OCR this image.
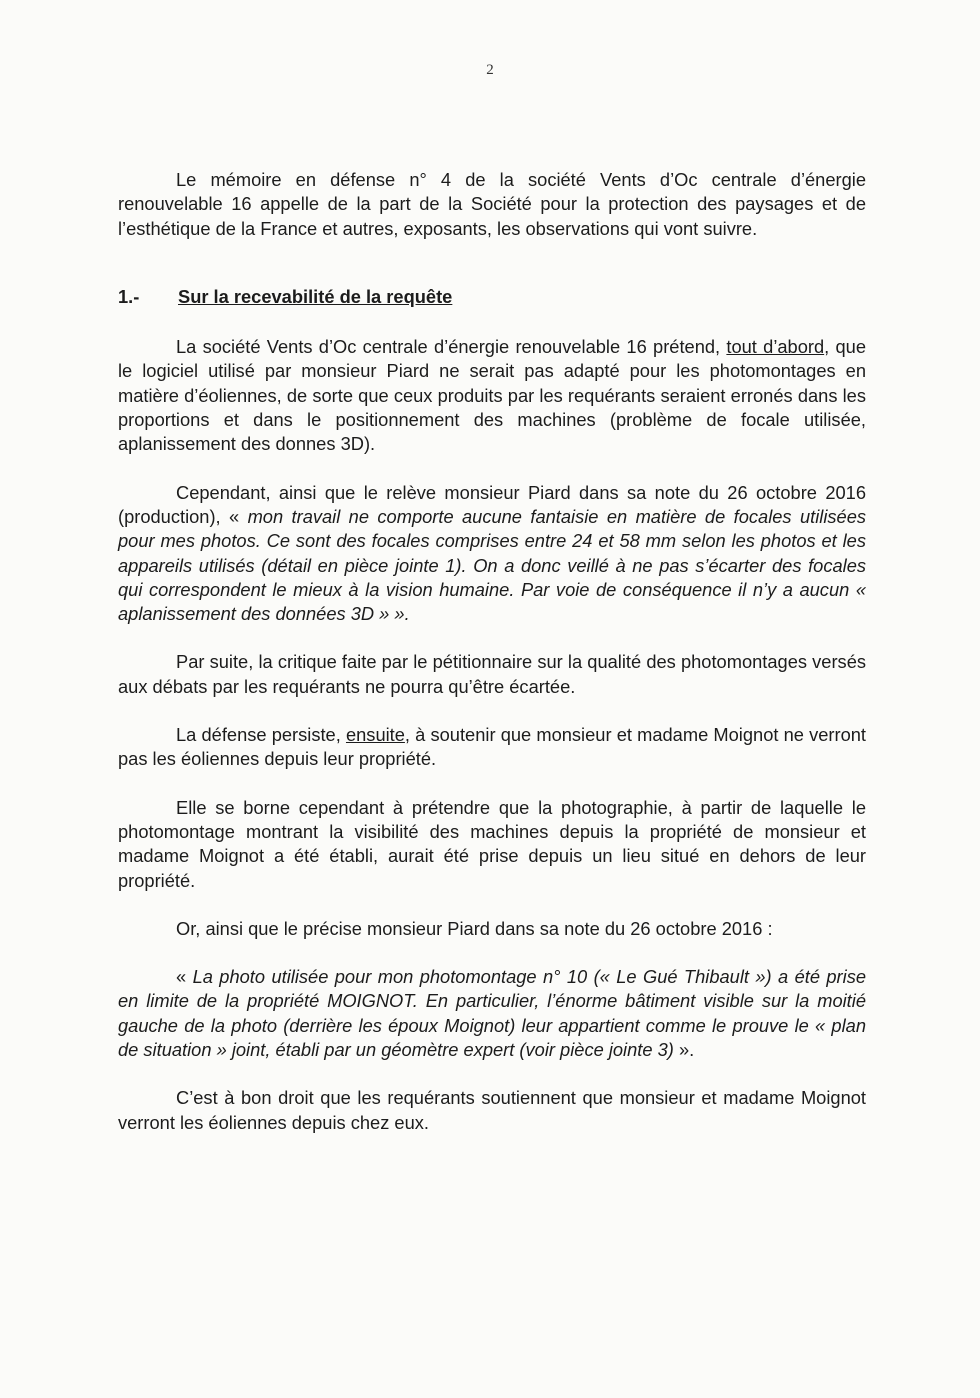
2

Le mémoire en défense n° 4 de la société Vents d’Oc centrale d’énergie renouvelable 16 appelle de la part de la Société pour la protection des paysages et de l’esthétique de la France et autres, exposants, les observations qui vont suivre.

1.- Sur la recevabilité de la requête

La société Vents d’Oc centrale d’énergie renouvelable 16 prétend, tout d’abord, que le logiciel utilisé par monsieur Piard ne serait pas adapté pour les photomontages en matière d’éoliennes, de sorte que ceux produits par les requérants seraient erronés dans les proportions et dans le positionnement des machines (problème de focale utilisée, aplanissement des donnes 3D).

Cependant, ainsi que le relève monsieur Piard dans sa note du 26 octobre 2016 (production), « mon travail ne comporte aucune fantaisie en matière de focales utilisées pour mes photos. Ce sont des focales comprises entre 24 et 58 mm selon les photos et les appareils utilisés (détail en pièce jointe 1). On a donc veillé à ne pas s’écarter des focales qui correspondent le mieux à la vision humaine. Par voie de conséquence il n’y a aucun « aplanissement des données 3D » ».

Par suite, la critique faite par le pétitionnaire sur la qualité des photomontages versés aux débats par les requérants ne pourra qu’être écartée.

La défense persiste, ensuite, à soutenir que monsieur et madame Moignot ne verront pas les éoliennes depuis leur propriété.

Elle se borne cependant à prétendre que la photographie, à partir de laquelle le photomontage montrant la visibilité des machines depuis la propriété de monsieur et madame Moignot a été établi, aurait été prise depuis un lieu situé en dehors de leur propriété.

Or, ainsi que le précise monsieur Piard dans sa note du 26 octobre 2016 :

« La photo utilisée pour mon photomontage n° 10 (« Le Gué Thibault ») a été prise en limite de la propriété MOIGNOT. En particulier, l’énorme bâtiment visible sur la moitié gauche de la photo (derrière les époux Moignot) leur appartient comme le prouve le « plan de situation » joint, établi par un géomètre expert (voir pièce jointe 3) ».

C’est à bon droit que les requérants soutiennent que monsieur et madame Moignot verront les éoliennes depuis chez eux.
